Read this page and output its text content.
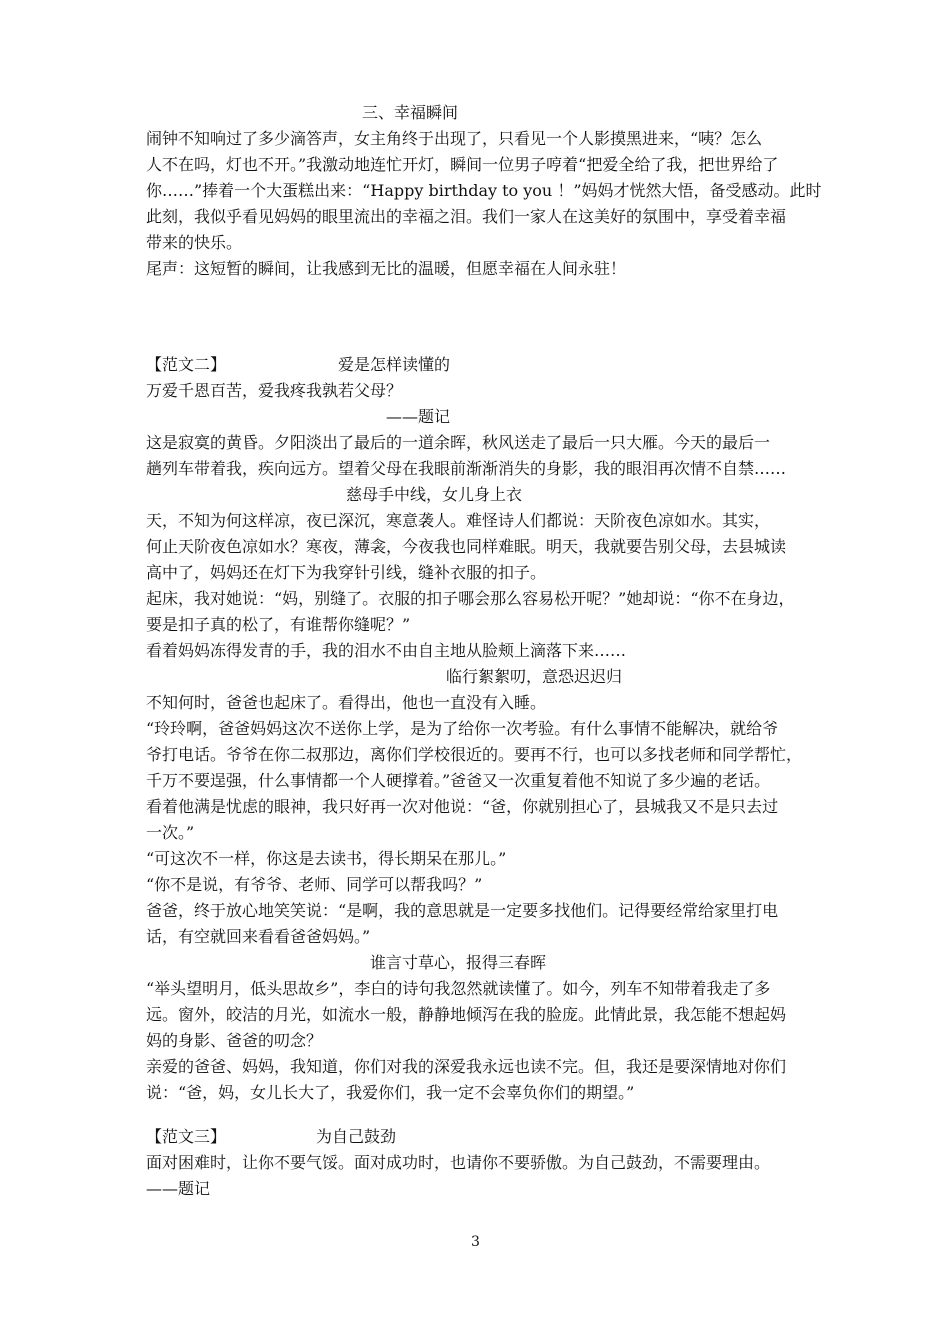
三、幸福瞬间
闹钟不知响过了多少滴答声，女主角终于出现了，只看见一个人影摸黑进来，“咦？怎么
人不在吗，灯也不开。”我激动地连忙开灯，瞬间一位男子哼着“把爱全给了我，把世界给了
你……”捧着一个大蛋糕出来：“Happy birthday to you ！”妈妈才恍然大悟，备受感动。此时
此刻，我似乎看见妈妈的眼里流出的幸福之泪。我们一家人在这美好的氛围中，享受着幸福
带来的快乐。
尾声：这短暂的瞬间，让我感到无比的温暖，但愿幸福在人间永驻！
【范文二】	爱是怎样读懂的
万爱千恩百苦，爱我疼我孰若父母？
——题记
这是寂寞的黄昏。夕阳淡出了最后的一道余晖，秋风送走了最后一只大雁。今天的最后一
趟列车带着我，疾向远方。望着父母在我眼前渐渐消失的身影，我的眼泪再次情不自禁……
慈母手中线，女儿身上衣
天，不知为何这样凉，夜已深沉，寒意袭人。难怪诗人们都说：天阶夜色凉如水。其实，
何止天阶夜色凉如水？寒夜，薄衾，今夜我也同样难眠。明天，我就要告别父母，去县城读
高中了，妈妈还在灯下为我穿针引线，缝补衣服的扣子。
起床，我对她说：“妈，别缝了。衣服的扣子哪会那么容易松开呢？”她却说：“你不在身边，
要是扣子真的松了，有谁帮你缝呢？”
看着妈妈冻得发青的手，我的泪水不由自主地从脸颊上滴落下来……
临行絮絮叨，意恐迟迟归
不知何时，爸爸也起床了。看得出，他也一直没有入睡。
“玲玲啊，爸爸妈妈这次不送你上学，是为了给你一次考验。有什么事情不能解决，就给爷
爷打电话。爷爷在你二叔那边，离你们学校很近的。要再不行，也可以多找老师和同学帮忙，
千万不要逞强，什么事情都一个人硬撑着。”爸爸又一次重复着他不知说了多少遍的老话。
看着他满是忧虑的眼神，我只好再一次对他说：“爸，你就别担心了，县城我又不是只去过
一次。”
“可这次不一样，你这是去读书，得长期呆在那儿。”
“你不是说，有爷爷、老师、同学可以帮我吗？”
爸爸，终于放心地笑笑说：“是啊，我的意思就是一定要多找他们。记得要经常给家里打电
话，有空就回来看看爸爸妈妈。”
谁言寸草心，报得三春晖
“举头望明月，低头思故乡”，李白的诗句我忽然就读懂了。如今，列车不知带着我走了多
远。窗外，皎洁的月光，如流水一般，静静地倾泻在我的脸庞。此情此景，我怎能不想起妈
妈的身影、爸爸的叨念？
亲爱的爸爸、妈妈，我知道，你们对我的深爱我永远也读不完。但，我还是要深情地对你们
说：“爸，妈，女儿长大了，我爱你们，我一定不会辜负你们的期望。”
【范文三】	为自己鼓劲
面对困难时，让你不要气馁。面对成功时，也请你不要骄傲。为自己鼓劲，不需要理由。
——题记
3
